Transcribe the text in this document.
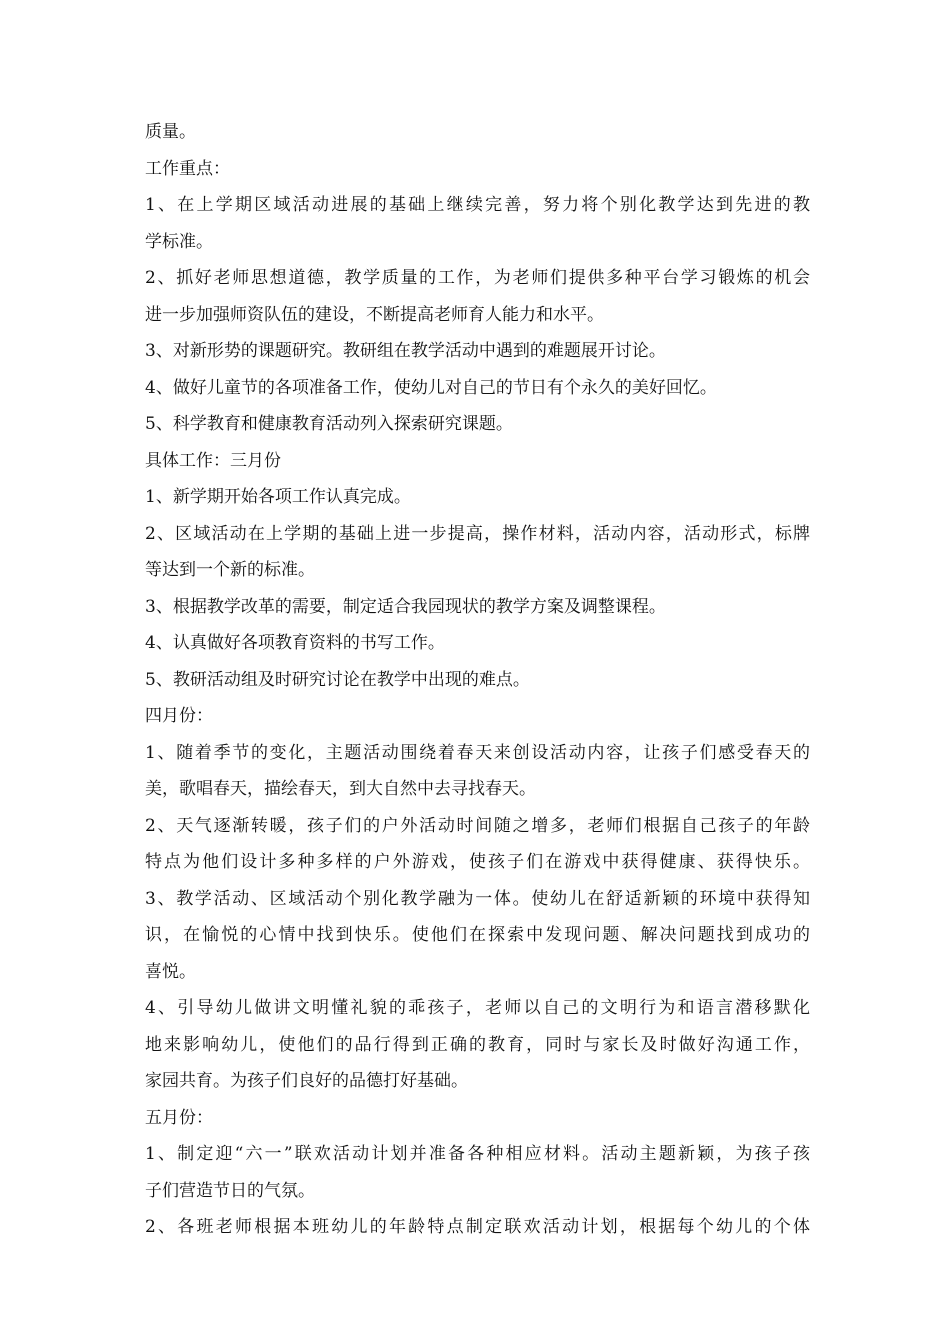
质量。
工作重点：
1、在上学期区域活动进展的基础上继续完善，努力将个别化教学达到先进的教
学标准。
2、抓好老师思想道德，教学质量的工作，为老师们提供多种平台学习锻炼的机会
进一步加强师资队伍的建设，不断提高老师育人能力和水平。
3、对新形势的课题研究。教研组在教学活动中遇到的难题展开讨论。
4、做好儿童节的各项准备工作，使幼儿对自己的节日有个永久的美好回忆。
5、科学教育和健康教育活动列入探索研究课题。
具体工作：三月份
1、新学期开始各项工作认真完成。
2、区域活动在上学期的基础上进一步提高，操作材料，活动内容，活动形式，标牌
等达到一个新的标准。
3、根据教学改革的需要，制定适合我园现状的教学方案及调整课程。
4、认真做好各项教育资料的书写工作。
5、教研活动组及时研究讨论在教学中出现的难点。
四月份：
1、随着季节的变化，主题活动围绕着春天来创设活动内容，让孩子们感受春天的
美，歌唱春天，描绘春天，到大自然中去寻找春天。
2、天气逐渐转暖，孩子们的户外活动时间随之增多，老师们根据自己孩子的年龄
特点为他们设计多种多样的户外游戏，使孩子们在游戏中获得健康、获得快乐。
3、教学活动、区域活动个别化教学融为一体。使幼儿在舒适新颖的环境中获得知
识，在愉悦的心情中找到快乐。使他们在探索中发现问题、解决问题找到成功的
喜悦。
4、引导幼儿做讲文明懂礼貌的乖孩子，老师以自己的文明行为和语言潜移默化
地来影响幼儿，使他们的品行得到正确的教育，同时与家长及时做好沟通工作，
家园共育。为孩子们良好的品德打好基础。
五月份：
1、制定迎“六一”联欢活动计划并准备各种相应材料。活动主题新颖，为孩子孩
子们营造节日的气氛。
2、各班老师根据本班幼儿的年龄特点制定联欢活动计划，根据每个幼儿的个体
